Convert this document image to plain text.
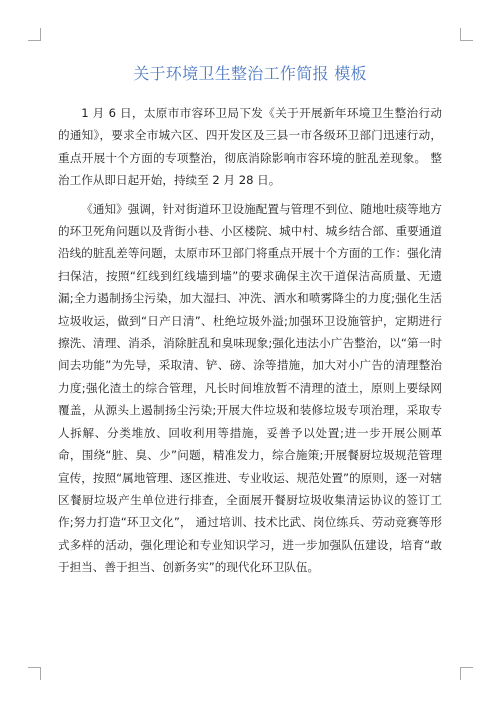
关于环境卫生整治工作简报 模板

1 月 6 日，太原市市容环卫局下发《关于开展新年环境卫生整治行动的通知》，要求全市城六区、四开发区及三县一市各级环卫部门迅速行动，重点开展十个方面的专项整治，彻底消除影响市容环境的脏乱差现象。 整治工作从即日起开始，持续至 2 月 28 日。

《通知》强调，针对街道环卫设施配置与管理不到位、随地吐痰等地方的环卫死角问题以及背街小巷、小区楼院、城中村、城乡结合部、重要通道沿线的脏乱差等问题，太原市环卫部门将重点开展十个方面的工作：强化清扫保洁，按照“红线到红线墙到墙”的要求确保主次干道保洁高质量、无遗漏;全力遏制扬尘污染，加大湿扫、冲洗、洒水和喷雾降尘的力度;强化生活垃圾收运，做到“日产日清”、杜绝垃圾外溢;加强环卫设施管护，定期进行擦洗、清理、消杀，消除脏乱和臭味现象;强化违法小广告整治，以“第一时间去功能”为先导，采取清、铲、磅、涂等措施，加大对小广告的清理整治力度;强化渣土的综合管理，凡长时间堆放暂不清理的渣土，原则上要绿网覆盖，从源头上遏制扬尘污染;开展大件垃圾和装修垃圾专项治理，采取专人拆解、分类堆放、回收利用等措施，妥善予以处置;进一步开展公厕革命，围绕“脏、臭、少”问题，精准发力，综合施策;开展餐厨垃圾规范管理宣传，按照“属地管理、逐区推进、专业收运、规范处置”的原则，逐一对辖区餐厨垃圾产生单位进行排查，全面展开餐厨垃圾收集清运协议的签订工作;努力打造“环卫文化”， 通过培训、技术比武、岗位练兵、劳动竞赛等形式多样的活动，强化理论和专业知识学习，进一步加强队伍建设，培育“敢于担当、善于担当、创新务实”的现代化环卫队伍。
